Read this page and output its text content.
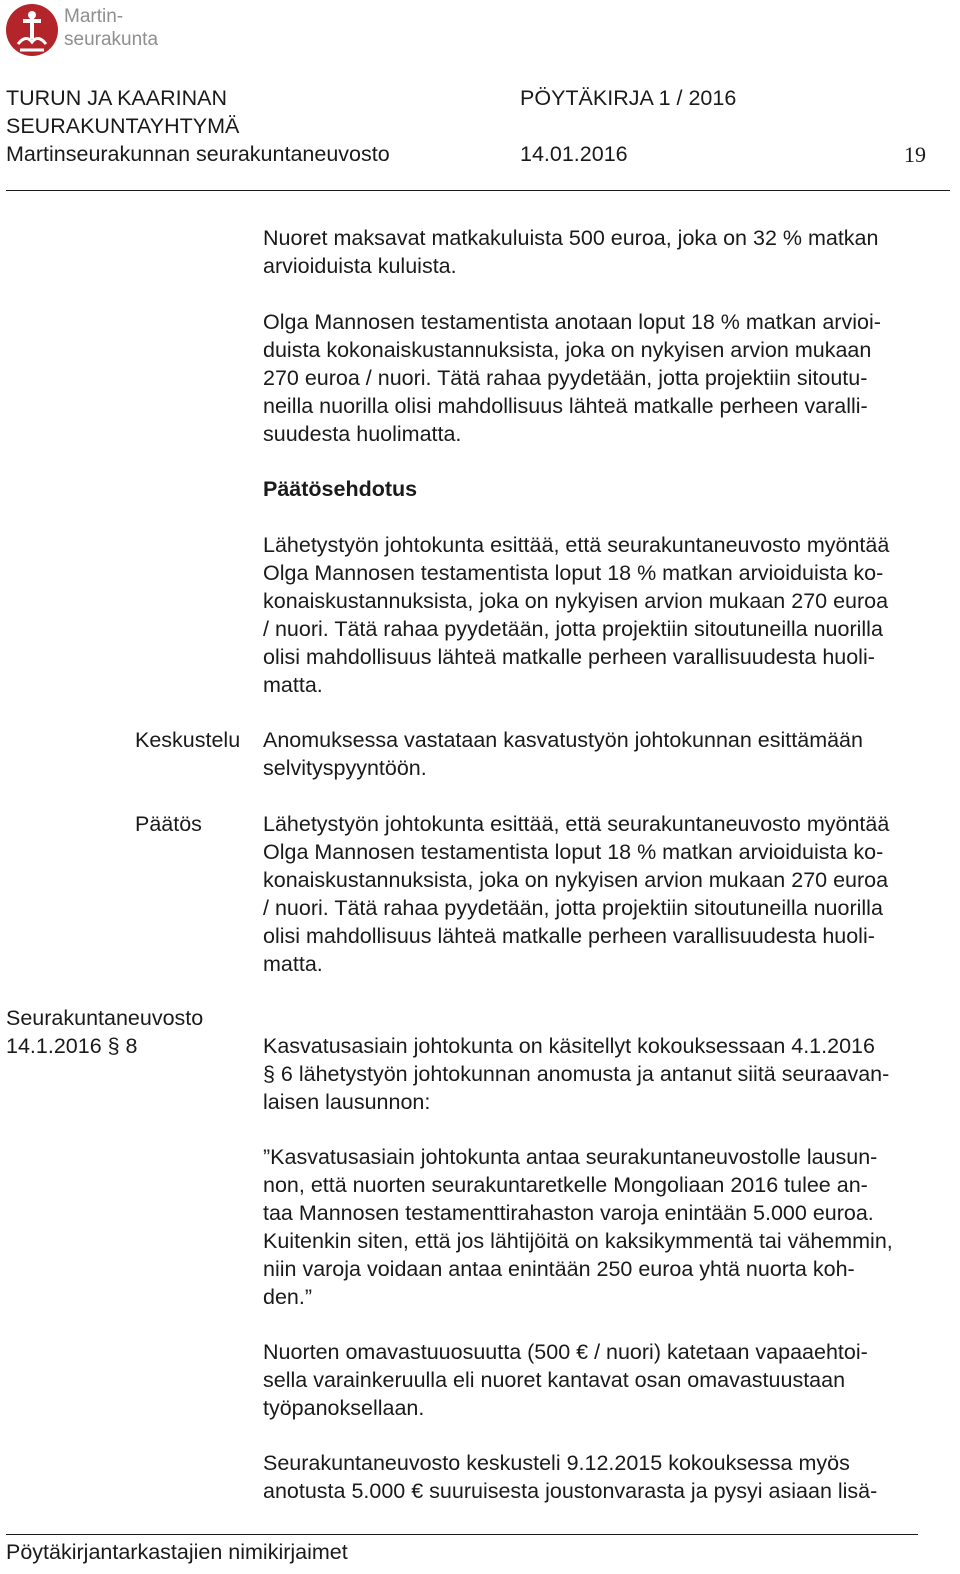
Martin-
seurakunta
TURUN JA KAARINAN
SEURAKUNTAYHTYMÄ
PÖYTÄKIRJA 1 / 2016
Martinseurakunnan seurakuntaneuvosto	14.01.2016	19
Nuoret maksavat matkakuluista 500 euroa, joka on 32 % matkan
arvioiduista kuluista.
Olga Mannosen testamentista anotaan loput 18 % matkan arvioi-
duista kokonaiskustannuksista, joka on nykyisen arvion mukaan
270 euroa / nuori. Tätä rahaa pyydetään, jotta projektiin sitoutu-
neilla nuorilla olisi mahdollisuus lähteä matkalle perheen varalli-
suudesta huolimatta.
Päätösehdotus
Lähetystyön johtokunta esittää, että seurakuntaneuvosto myöntää
Olga Mannosen testamentista loput 18 % matkan arvioiduista ko-
konaiskustannuksista, joka on nykyisen arvion mukaan 270 euroa
/ nuori. Tätä rahaa pyydetään, jotta projektiin sitoutuneilla nuorilla
olisi mahdollisuus lähteä matkalle perheen varallisuudesta huoli-
matta.
Keskustelu Anomuksessa vastataan kasvatustyön johtokunnan esittämään
selvityspyyntöön.
Päätös	Lähetystyön johtokunta esittää, että seurakuntaneuvosto myöntää
Olga Mannosen testamentista loput 18 % matkan arvioiduista ko-
konaiskustannuksista, joka on nykyisen arvion mukaan 270 euroa
/ nuori. Tätä rahaa pyydetään, jotta projektiin sitoutuneilla nuorilla
olisi mahdollisuus lähteä matkalle perheen varallisuudesta huoli-
matta.
Seurakuntaneuvosto
14.1.2016 § 8	Kasvatusasiain johtokunta on käsitellyt kokouksessaan 4.1.2016
§ 6 lähetystyön johtokunnan anomusta ja antanut siitä seuraavan-
laisen lausunnon:
”Kasvatusasiain johtokunta antaa seurakuntaneuvostolle lausun-
non, että nuorten seurakuntaretkelle Mongoliaan 2016 tulee an-
taa Mannosen testamenttirahaston varoja enintään 5.000 euroa.
Kuitenkin siten, että jos lähtijöitä on kaksikymmentä tai vähemmin,
niin varoja voidaan antaa enintään 250 euroa yhtä nuorta koh-
den.”
Nuorten omavastuuosuutta (500 € / nuori) katetaan vapaaehtoi-
sella varainkeruulla eli nuoret kantavat osan omavastuustaan
työpanoksellaan.
Seurakuntaneuvosto keskusteli 9.12.2015 kokouksessa myös
anotusta 5.000 € suuruisesta joustonvarasta ja pysyi asiaan lisä-
Pöytäkirjantarkastajien nimikirjaimet
